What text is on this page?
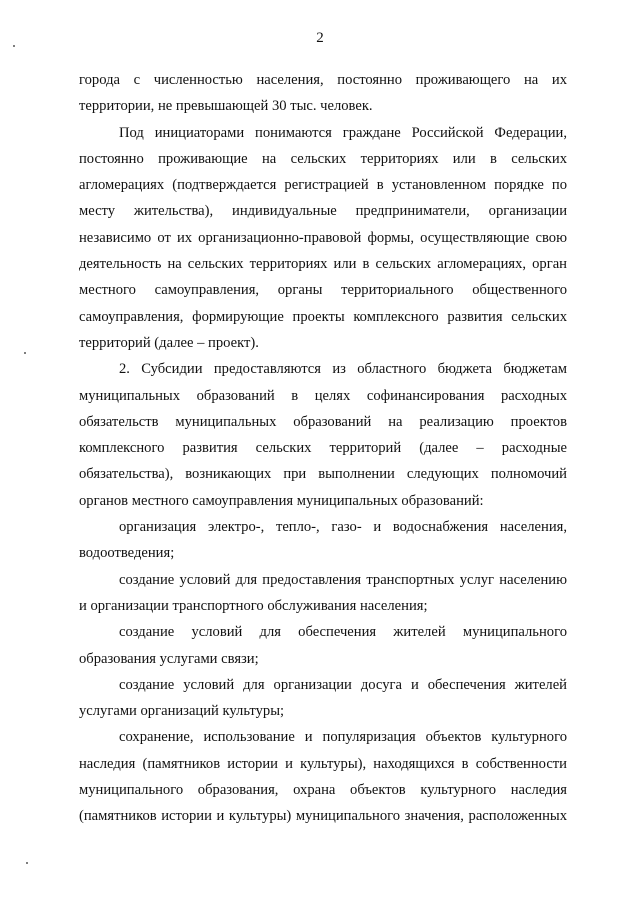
2

города с численностью населения, постоянно проживающего на их территории, не превышающей 30 тыс. человек.

Под инициаторами понимаются граждане Российской Федерации, постоянно проживающие на сельских территориях или в сельских агломерациях (подтверждается регистрацией в установленном порядке по месту жительства), индивидуальные предприниматели, организации независимо от их организационно-правовой формы, осуществляющие свою деятельность на сельских территориях или в сельских агломерациях, орган местного самоуправления, органы территориального общественного самоуправления, формирующие проекты комплексного развития сельских территорий (далее – проект).

2. Субсидии предоставляются из областного бюджета бюджетам муниципальных образований в целях софинансирования расходных обязательств муниципальных образований на реализацию проектов комплексного развития сельских территорий (далее – расходные обязательства), возникающих при выполнении следующих полномочий органов местного самоуправления муниципальных образований:

организация электро-, тепло-, газо- и водоснабжения населения, водоотведения;

создание условий для предоставления транспортных услуг населению и организации транспортного обслуживания населения;

создание условий для обеспечения жителей муниципального образования услугами связи;

создание условий для организации досуга и обеспечения жителей услугами организаций культуры;

сохранение, использование и популяризация объектов культурного наследия (памятников истории и культуры), находящихся в собственности муниципального образования, охрана объектов культурного наследия (памятников истории и культуры) муниципального значения, расположенных
